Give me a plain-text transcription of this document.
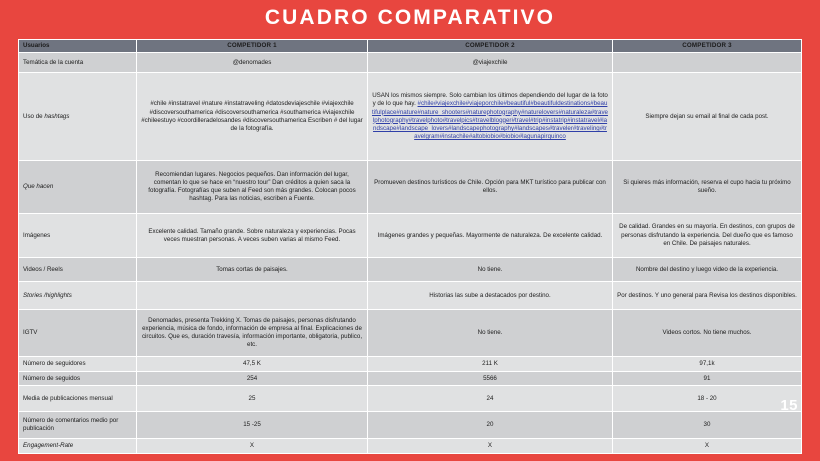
CUADRO COMPARATIVO
15
Usuarios	COMPETIDOR 1	COMPETIDOR 2	COMPETIDOR 3
Temática de la cuenta	@denomades	@viajexchile	
Uso de hashtags	#chile #instatravel #nature #instatraveling #datosdeviajeschile #viajexchile #discoversouthamerica #discoversouthamerica #southamerica #viajexchile #chileestuyo #coordilleradelosandes #discoversouthamerica Escriben # del lugar de la fotografía.	USAN los mismos siempre. Solo cambian los últimos dependiendo del lugar de la foto y de lo que hay. #chile#viajexchile#viajeporchile#beautiful#beautifuldestinations#beautifulplace#nature#nature_shooters#naturephotography#naturelovers#naturaleza#travelphotography#travelphoto#travelpics#travelblogger#travel#trip#instatrip#instatravel#landscape#landscape_lovers#landscapephotography#landscapes#traveler#traveling#travelgram#instachile#altobiobio#biobio#lagunapirquinco	Siempre dejan su email al final de cada post.
Que hacen	Recomiendan lugares. Negocios pequeños. Dan información del lugar, comentan lo que se hace en “nuestro tour” Dan créditos a quien saca la fotografía. Fotografías que suben al Feed son más grandes. Colocan pocos hashtag. Para las noticias, escriben a Fuente.	Promueven destinos turísticos de Chile. Opción para MKT turístico para publicar con ellos.	Si quieres más información, reserva el cupo hacia tu próximo sueño.
Imágenes	Excelente calidad. Tamaño grande. Sobre naturaleza y experiencias. Pocas veces muestran personas. A veces suben varias al mismo Feed.	Imágenes grandes y pequeñas. Mayormente de naturaleza. De excelente calidad.	De calidad. Grandes en su mayoría. En destinos, con grupos de personas disfrutando la experiencia. Del dueño que es famoso en Chile. De paisajes naturales.
Videos / Reels	Tomas cortas de paisajes.	No tiene.	Nombre del destino y luego video de la experiencia.
Stories /highlights		Historias las sube a destacados por destino.	Por destinos. Y uno general para Revisa los destinos disponibles.
IGTV	Denomades, presenta Trekking X. Tomas de paisajes, personas disfrutando experiencia, música de fondo, información de empresa al final. Explicaciones de circuitos. Que es, duración travesía, información importante, obligatoria, publico, etc.	No tiene.	Videos cortos. No tiene muchos.
Número de seguidores	47,5 K	211 K	97,1k
Número de seguidos	254	5566	91
Media de publicaciones mensual	25	24	18 - 20
Número de comentarios medio por publicación	15 -25	20	30
Engagement-Rate	X	X	X
